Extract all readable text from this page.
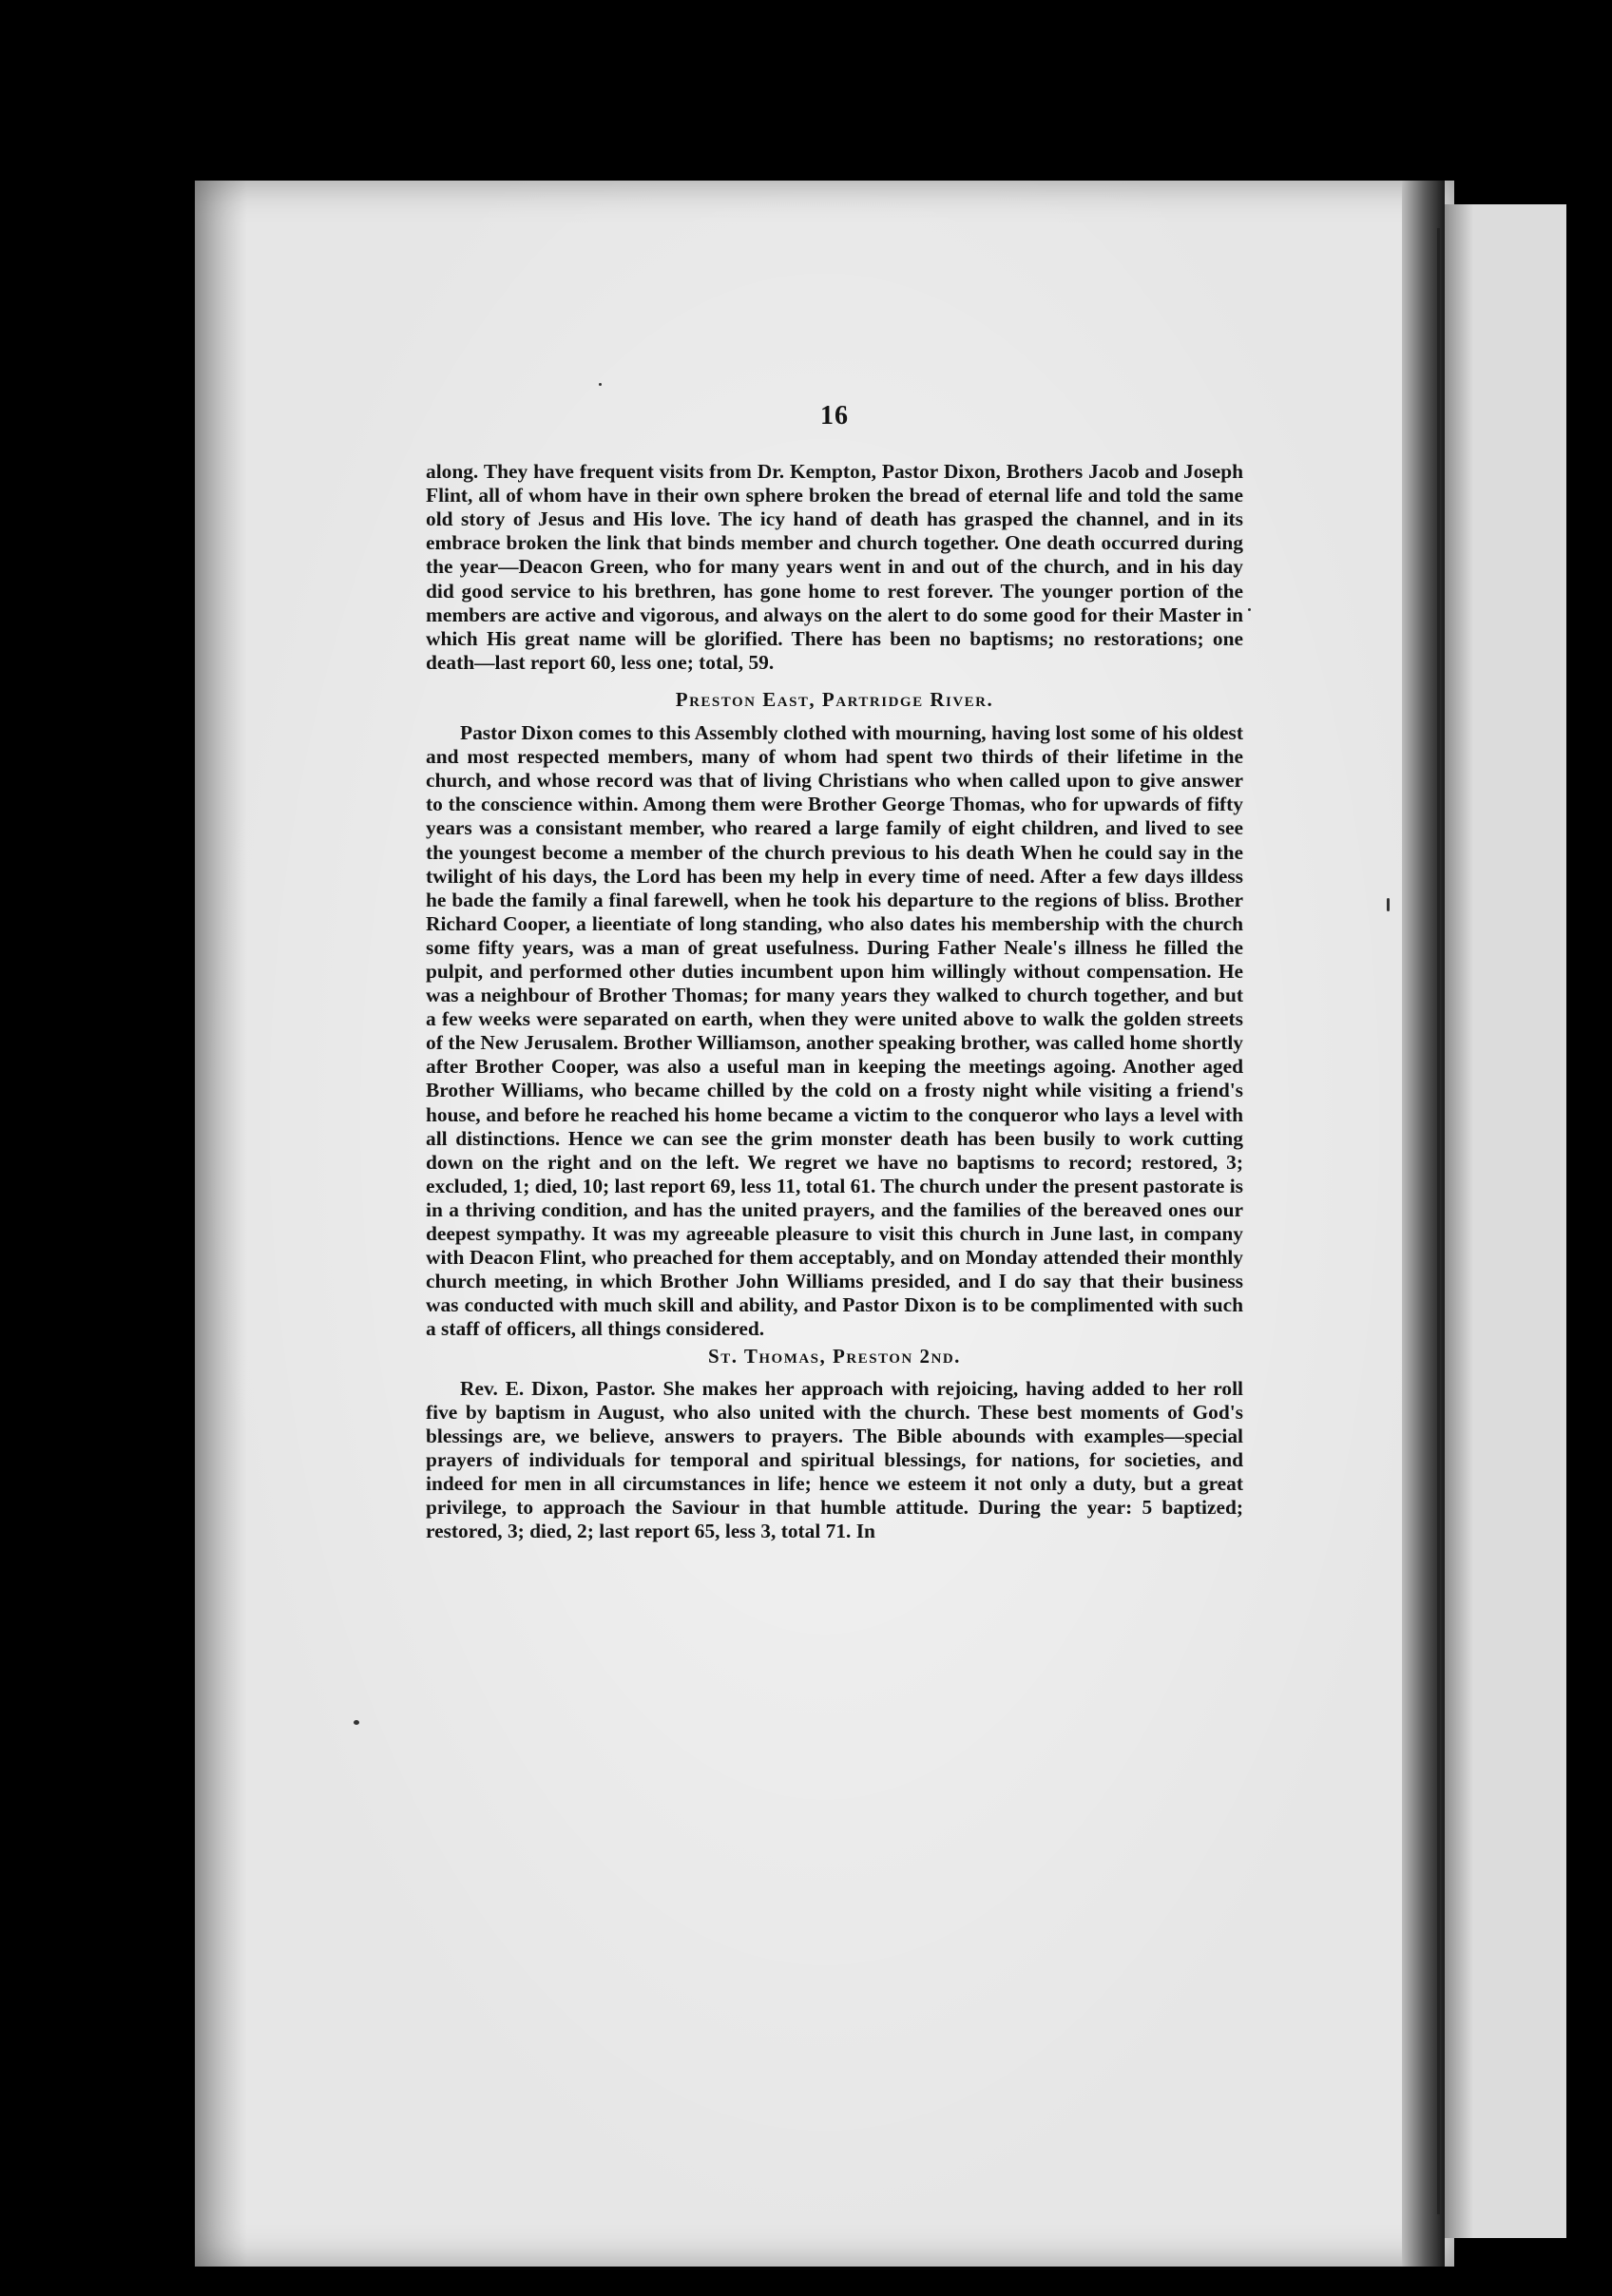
16

along. They have frequent visits from Dr. Kempton, Pastor Dixon, Brothers Jacob and Joseph Flint, all of whom have in their own sphere broken the bread of eternal life and told the same old story of Jesus and His love. The icy hand of death has grasped the channel, and in its embrace broken the link that binds member and church together. One death occurred during the year—Deacon Green, who for many years went in and out of the church, and in his day did good service to his brethren, has gone home to rest forever. The younger portion of the members are active and vigorous, and always on the alert to do some good for their Master in which His great name will be glorified. There has been no baptisms; no restorations; one death—last report 60, less one; total, 59.

Preston East, Partridge River.

Pastor Dixon comes to this Assembly clothed with mourning, having lost some of his oldest and most respected members, many of whom had spent two thirds of their lifetime in the church, and whose record was that of living Christians who when called upon to give answer to the conscience within. Among them were Brother George Thomas, who for upwards of fifty years was a consistant member, who reared a large family of eight children, and lived to see the youngest become a member of the church previous to his death When he could say in the twilight of his days, the Lord has been my help in every time of need. After a few days illdess he bade the family a final farewell, when he took his departure to the regions of bliss. Brother Richard Cooper, a lieentiate of long standing, who also dates his membership with the church some fifty years, was a man of great usefulness. During Father Neale's illness he filled the pulpit, and performed other duties incumbent upon him willingly without compensation. He was a neighbour of Brother Thomas; for many years they walked to church together, and but a few weeks were separated on earth, when they were united above to walk the golden streets of the New Jerusalem. Brother Williamson, another speaking brother, was called home shortly after Brother Cooper, was also a useful man in keeping the meetings agoing. Another aged Brother Williams, who became chilled by the cold on a frosty night while visiting a friend's house, and before he reached his home became a victim to the conqueror who lays a level with all distinctions. Hence we can see the grim monster death has been busily to work cutting down on the right and on the left. We regret we have no baptisms to record; restored, 3; excluded, 1; died, 10; last report 69, less 11, total 61. The church under the present pastorate is in a thriving condition, and has the united prayers, and the families of the bereaved ones our deepest sympathy. It was my agreeable pleasure to visit this church in June last, in company with Deacon Flint, who preached for them acceptably, and on Monday attended their monthly church meeting, in which Brother John Williams presided, and I do say that their business was conducted with much skill and ability, and Pastor Dixon is to be complimented with such a staff of officers, all things considered.

St. Thomas, Preston 2nd.

Rev. E. Dixon, Pastor. She makes her approach with rejoicing, having added to her roll five by baptism in August, who also united with the church. These best moments of God's blessings are, we believe, answers to prayers. The Bible abounds with examples—special prayers of individuals for temporal and spiritual blessings, for nations, for societies, and indeed for men in all circumstances in life; hence we esteem it not only a duty, but a great privilege, to approach the Saviour in that humble attitude. During the year: 5 baptized; restored, 3; died, 2; last report 65, less 3, total 71. In
